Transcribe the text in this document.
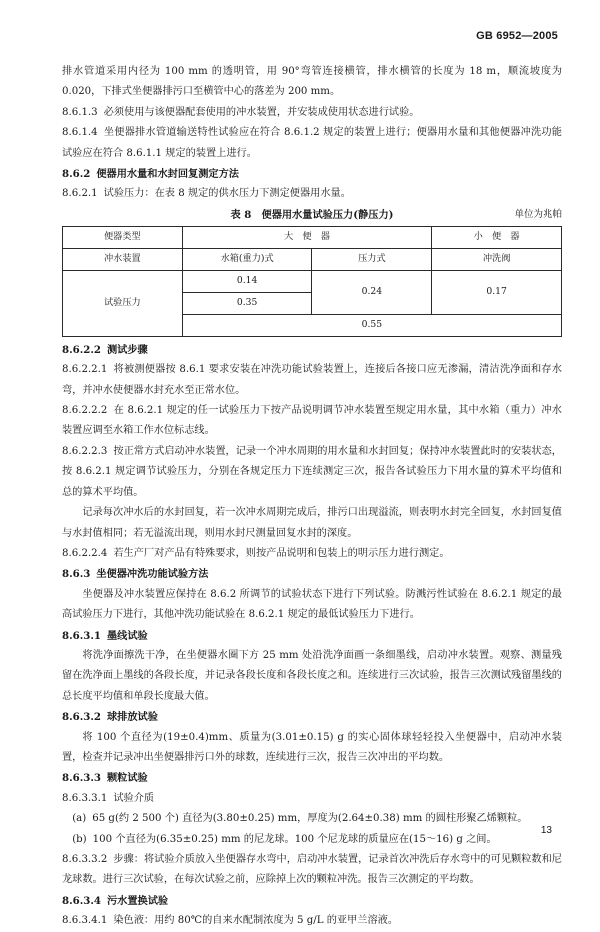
GB 6952—2005

排水管道采用内径为 100 mm 的透明管，用 90°弯管连接横管，排水横管的长度为 18 m，顺流坡度为 0.020，下排式坐便器排污口至横管中心的落差为 200 mm。

8.6.1.3 必须使用与该便器配套使用的冲水装置，并安装成使用状态进行试验。

8.6.1.4 坐便器排水管道输送特性试验应在符合 8.6.1.2 规定的装置上进行；便器用水量和其他便器冲洗功能试验应在符合 8.6.1.1 规定的装置上进行。

8.6.2 便器用水量和水封回复测定方法

8.6.2.1 试验压力：在表 8 规定的供水压力下测定便器用水量。

表 8　便器用水量试验压力(静压力)	单位为兆帕
便器类型	大　便　器		小　便　器
冲水装置	水箱(重力)式	压力式	冲洗阀
试验压力	0.14	0.24	0.17
	0.35		
	0.55		

8.6.2.2 测试步骤

8.6.2.2.1 将被测便器按 8.6.1 要求安装在冲洗功能试验装置上，连接后各接口应无渗漏，清洁洗净面和存水弯，并冲水使便器水封充水至正常水位。

8.6.2.2.2 在 8.6.2.1 规定的任一试验压力下按产品说明调节冲水装置至规定用水量，其中水箱（重力）冲水装置应调至水箱工作水位标志线。

8.6.2.2.3 按正常方式启动冲水装置，记录一个冲水周期的用水量和水封回复；保持冲水装置此时的安装状态，按 8.6.2.1 规定调节试验压力，分别在各规定压力下连续测定三次，报告各试验压力下用水量的算术平均值和总的算术平均值。

记录每次冲水后的水封回复，若一次冲水周期完成后，排污口出现溢流，则表明水封完全回复，水封回复值与水封值相同；若无溢流出现，则用水封尺测量回复水封的深度。

8.6.2.2.4 若生产厂对产品有特殊要求，则按产品说明和包装上的明示压力进行测定。

8.6.3 坐便器冲洗功能试验方法

坐便器及冲水装置应保持在 8.6.2 所调节的试验状态下进行下列试验。防溅污性试验在 8.6.2.1 规定的最高试验压力下进行，其他冲洗功能试验在 8.6.2.1 规定的最低试验压力下进行。

8.6.3.1 墨线试验

将洗净面擦洗干净，在坐便器水圈下方 25 mm 处沿洗净面画一条细墨线，启动冲水装置。观察、测量残留在洗净面上墨线的各段长度，并记录各段长度和各段长度之和。连续进行三次试验，报告三次测试残留墨线的总长度平均值和单段长度最大值。

8.6.3.2 球排放试验

将 100 个直径为(19±0.4)mm、质量为(3.01±0.15) g 的实心固体球轻轻投入坐便器中，启动冲水装置，检查并记录冲出坐便器排污口外的球数，连续进行三次，报告三次冲出的平均数。

8.6.3.3 颗粒试验

8.6.3.3.1 试验介质

(a) 65 g(约 2 500 个) 直径为(3.80±0.25) mm，厚度为(2.64±0.38) mm 的圆柱形聚乙烯颗粒。

(b) 100 个直径为(6.35±0.25) mm 的尼龙球。100 个尼龙球的质量应在(15～16) g 之间。

8.6.3.3.2 步骤：将试验介质放入坐便器存水弯中，启动冲水装置，记录首次冲洗后存水弯中的可见颗粒数和尼龙球数。进行三次试验，在每次试验之前，应除掉上次的颗粒冲洗。报告三次测定的平均数。

8.6.3.4 污水置换试验

8.6.3.4.1 染色液：用约 80℃的自来水配制浓度为 5 g/L 的亚甲兰溶液。

13
